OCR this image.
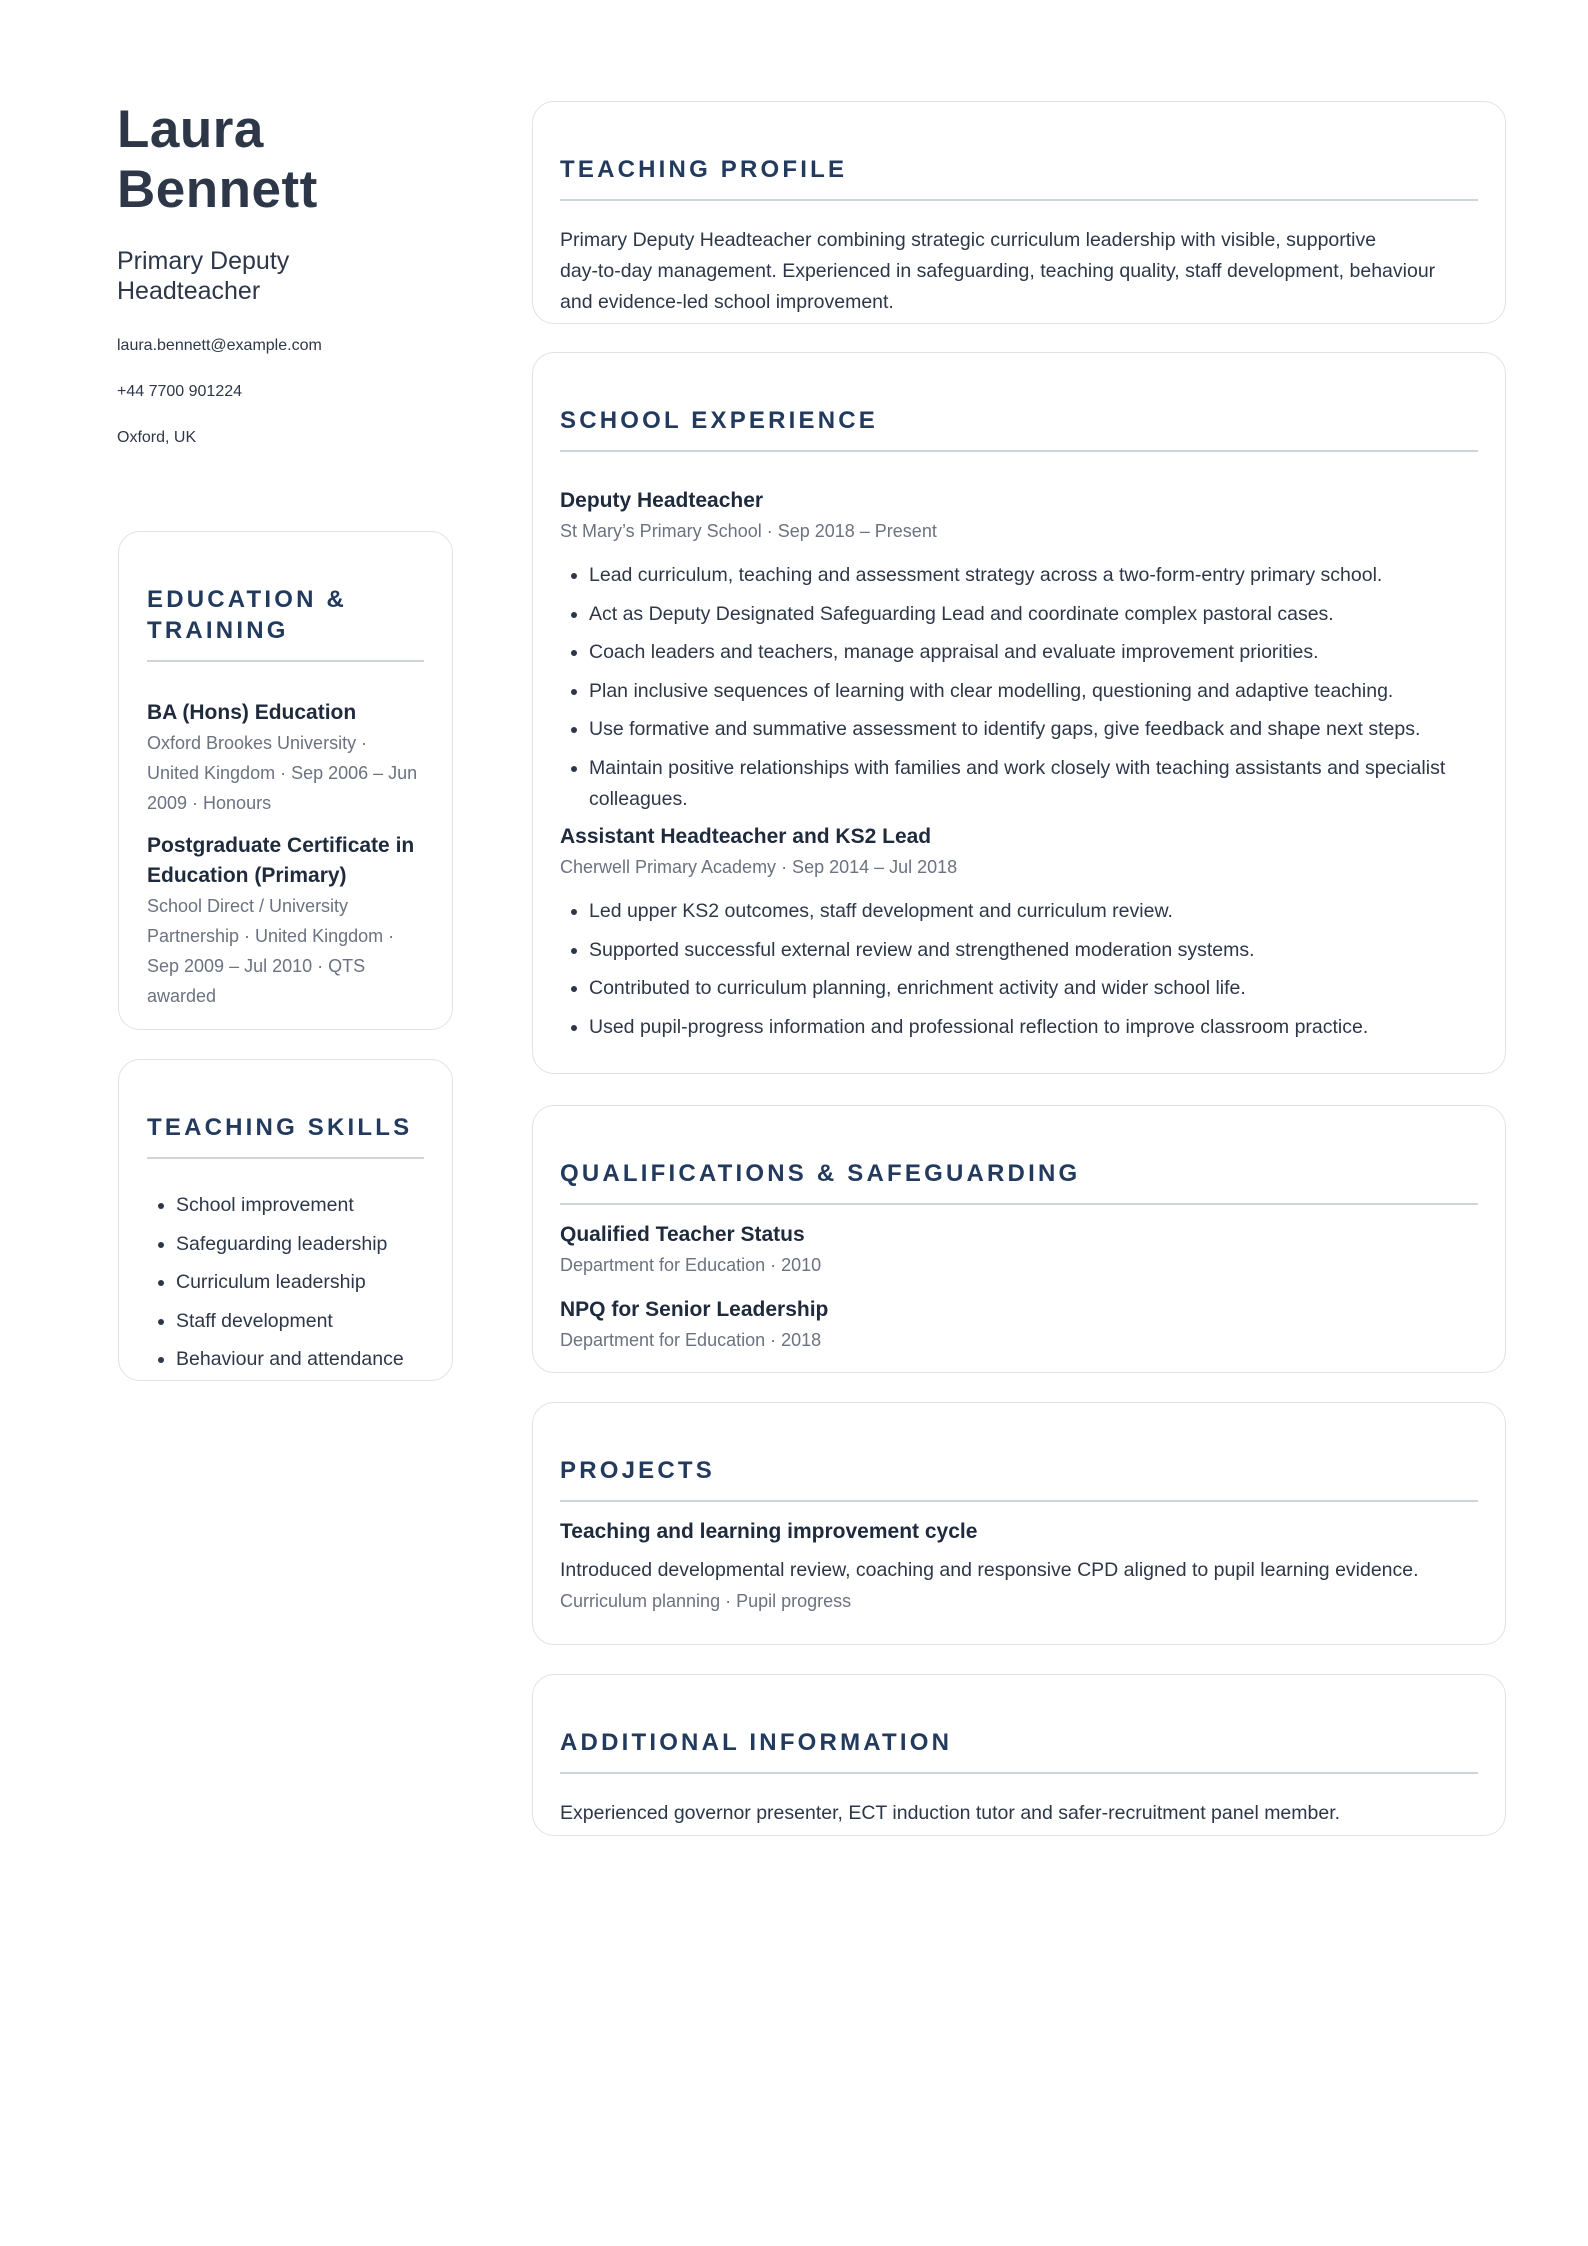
Laura
Bennett
Primary Deputy
Headteacher
laura.bennett@example.com
+44 7700 901224
Oxford, UK
EDUCATION &
TRAINING
BA (Hons) Education
Oxford Brookes University ·
United Kingdom · Sep 2006 – Jun
2009 · Honours
Postgraduate Certificate in
Education (Primary)
School Direct / University
Partnership · United Kingdom ·
Sep 2009 – Jul 2010 · QTS
awarded
TEACHING SKILLS
• School improvement
• Safeguarding leadership
• Curriculum leadership
• Staff development
• Behaviour and attendance
TEACHING PROFILE
Primary Deputy Headteacher combining strategic curriculum leadership with visible, supportive
day-to-day management. Experienced in safeguarding, teaching quality, staff development, behaviour
and evidence-led school improvement.
SCHOOL EXPERIENCE
Deputy Headteacher
St Mary’s Primary School · Sep 2018 – Present
• Lead curriculum, teaching and assessment strategy across a two-form-entry primary school.
• Act as Deputy Designated Safeguarding Lead and coordinate complex pastoral cases.
• Coach leaders and teachers, manage appraisal and evaluate improvement priorities.
• Plan inclusive sequences of learning with clear modelling, questioning and adaptive teaching.
• Use formative and summative assessment to identify gaps, give feedback and shape next steps.
• Maintain positive relationships with families and work closely with teaching assistants and specialist colleagues.
Assistant Headteacher and KS2 Lead
Cherwell Primary Academy · Sep 2014 – Jul 2018
• Led upper KS2 outcomes, staff development and curriculum review.
• Supported successful external review and strengthened moderation systems.
• Contributed to curriculum planning, enrichment activity and wider school life.
• Used pupil-progress information and professional reflection to improve classroom practice.
QUALIFICATIONS & SAFEGUARDING
Qualified Teacher Status
Department for Education · 2010
NPQ for Senior Leadership
Department for Education · 2018
PROJECTS
Teaching and learning improvement cycle
Introduced developmental review, coaching and responsive CPD aligned to pupil learning evidence.
Curriculum planning · Pupil progress
ADDITIONAL INFORMATION
Experienced governor presenter, ECT induction tutor and safer-recruitment panel member.
